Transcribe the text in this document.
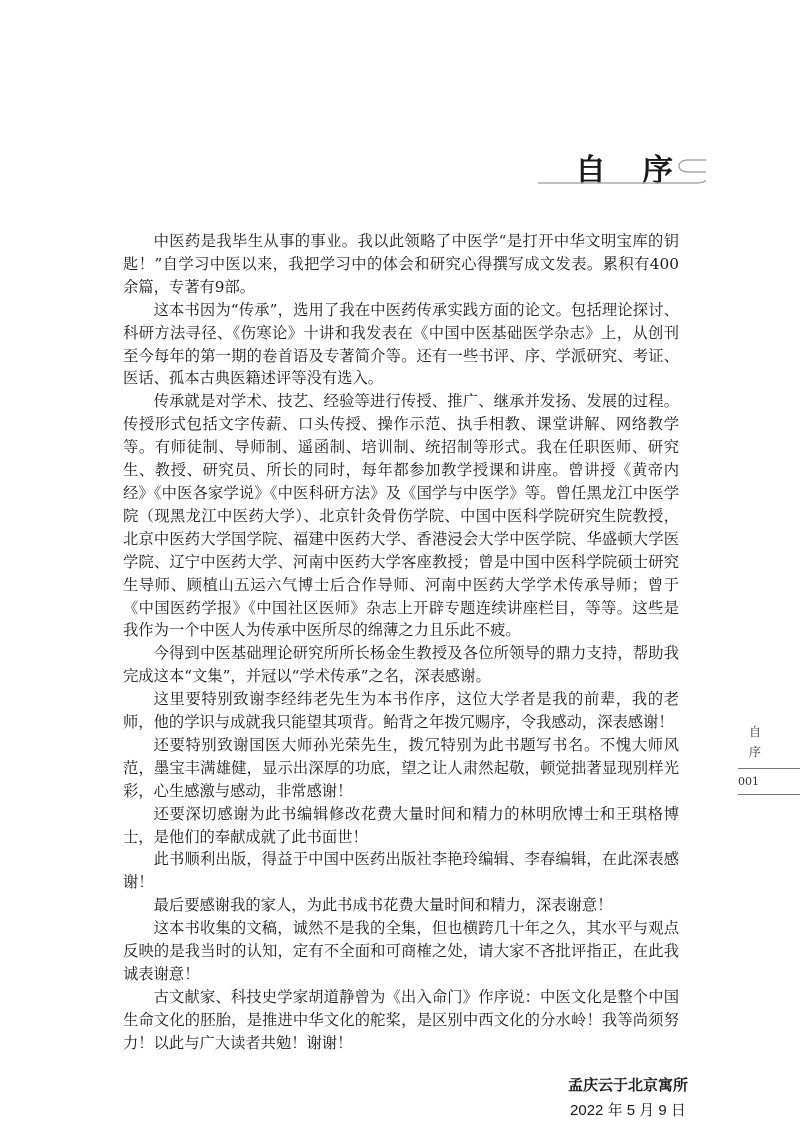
自 序

中医药是我毕生从事的事业。我以此领略了中医学“是打开中华文明宝库的钥匙！”自学习中医以来，我把学习中的体会和研究心得撰写成文发表。累积有400余篇，专著有9部。

这本书因为“传承”，选用了我在中医药传承实践方面的论文。包括理论探讨、科研方法寻径、《伤寒论》十讲和我发表在《中国中医基础医学杂志》上，从创刊至今每年的第一期的卷首语及专著简介等。还有一些书评、序、学派研究、考证、医话、孤本古典医籍述评等没有选入。

传承就是对学术、技艺、经验等进行传授、推广、继承并发扬、发展的过程。传授形式包括文字传薪、口头传授、操作示范、执手相教、课堂讲解、网络教学等。有师徒制、导师制、遥函制、培训制、统招制等形式。我在任职医师、研究生、教授、研究员、所长的同时，每年都参加教学授课和讲座。曾讲授《黄帝内经》《中医各家学说》《中医科研方法》及《国学与中医学》等。曾任黑龙江中医学院（现黑龙江中医药大学）、北京针灸骨伤学院、中国中医科学院研究生院教授，北京中医药大学国学院、福建中医药大学、香港浸会大学中医学院、华盛顿大学医学院、辽宁中医药大学、河南中医药大学客座教授；曾是中国中医科学院硕士研究生导师、顾植山五运六气博士后合作导师、河南中医药大学学术传承导师；曾于《中国医药学报》《中国社区医师》杂志上开辟专题连续讲座栏目，等等。这些是我作为一个中医人为传承中医所尽的绵薄之力且乐此不疲。

今得到中医基础理论研究所所长杨金生教授及各位所领导的鼎力支持，帮助我完成这本“文集”，并冠以“学术传承”之名，深表感谢。

这里要特别致谢李经纬老先生为本书作序，这位大学者是我的前辈，我的老师，他的学识与成就我只能望其项背。鲐背之年拨冗赐序，令我感动，深表感谢！

还要特别致谢国医大师孙光荣先生，拨冗特别为此书题写书名。不愧大师风范，墨宝丰满雄健，显示出深厚的功底，望之让人肃然起敬，顿觉拙著显现别样光彩，心生感激与感动，非常感谢！

还要深切感谢为此书编辑修改花费大量时间和精力的林明欣博士和王琪格博士，是他们的奉献成就了此书面世！

此书顺利出版，得益于中国中医药出版社李艳玲编辑、李春编辑，在此深表感谢！

最后要感谢我的家人，为此书成书花费大量时间和精力，深表谢意！

这本书收集的文稿，诚然不是我的全集，但也横跨几十年之久，其水平与观点反映的是我当时的认知，定有不全面和可商榷之处，请大家不吝批评指正，在此我诚表谢意！

古文献家、科技史学家胡道静曾为《出入命门》作序说：中医文化是整个中国生命文化的胚胎，是推进中华文化的舵桨，是区别中西文化的分水岭！我等尚须努力！以此与广大读者共勉！谢谢！

孟庆云于北京寓所
2022 年 5 月 9 日
自
序
001
